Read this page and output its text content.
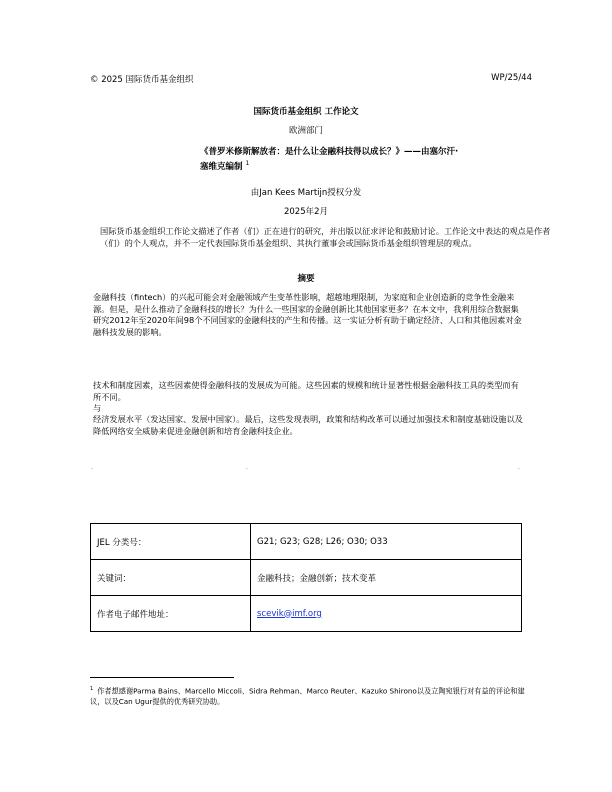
© 2025 国际货币基金组织	WP/25/44
国际货币基金组织 工作论文
欧洲部门
《普罗米修斯解放者：是什么让金融科技得以成长？》——由塞尔汗·塞维克编制 $^1$
由Jan Kees Martijn授权分发
2025年2月
国际货币基金组织工作论文描述了作者（们）正在进行的研究，并出版以征求评论和鼓励讨论。工作论文中表达的观点是作者（们）的个人观点，并不一定代表国际货币基金组织、其执行董事会或国际货币基金组织管理层的观点。
摘要
金融科技（fintech）的兴起可能会对金融领域产生变革性影响，超越地理限制，为家庭和企业创造新的竞争性金融来源。但是，是什么推动了金融科技的增长？为什么一些国家的金融创新比其他国家更多？在本文中，我利用综合数据集研究2012年至2020年间98个不同国家的金融科技的产生和传播。这一实证分析有助于确定经济、人口和其他因素对金融科技发展的影响。
技术和制度因素，这些因素使得金融科技的发展成为可能。这些因素的规模和统计显著性根据金融科技工具的类型而有所不同。
与
经济发展水平（发达国家、发展中国家）。最后，这些发现表明，政策和结构改革可以通过加强技术和制度基础设施以及降低网络安全威胁来促进金融创新和培育金融科技企业。
.	.	.
JEL 分类号：	G21; G23; G28; L26; O30; O33
关键词：	金融科技；金融创新；技术变革
作者电子邮件地址：	scevik@imf.org
$^1$ 作者想感谢Parma Bains、Marcello Miccoli、Sidra Rehman、Marco Reuter、Kazuko Shirono以及立陶宛银行对有益的评论和建议，以及Can Ugur提供的优秀研究协助。
